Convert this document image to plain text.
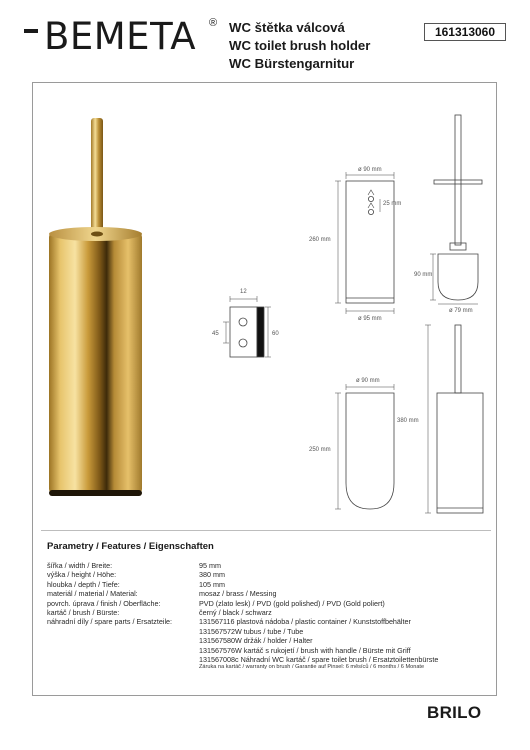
BEMETA ® WC štětka válcová
WC toilet brush holder
WC Bürstengarnitur
161313060
ø 90 mm
25 mm
260 mm
ø 95 mm
90 mm
ø 79 mm
12
45	60
ø 90 mm
250 mm
380 mm
Parametry / Features / Eigenschaften
šířka / width / Breite:	95 mm
výška / height / Höhe:	380 mm
hloubka / depth / Tiefe:	105 mm
materiál / material / Material:	mosaz / brass / Messing
povrch. úprava / finish / Oberfläche:	PVD (zlato lesk) / PVD (gold polished) / PVD (Gold poliert)
kartáč / brush / Bürste:	černý / black / schwarz
náhradní díly / spare parts / Ersatzteile:	131567116 plastová nádoba / plastic container / Kunststoffbehälter
131567572W tubus / tube / Tube
131567580W držák / holder / Halter
131567576W kartáč s rukojetí / brush with handle / Bürste mit Griff
131567008c Náhradní WC kartáč / spare toilet brush / Ersatztoilettenbürste
Záruka na kartáč / warranty on brush / Garantie auf Pinsel: 6 měsíců / 6 months / 6 Monate
BRILO
